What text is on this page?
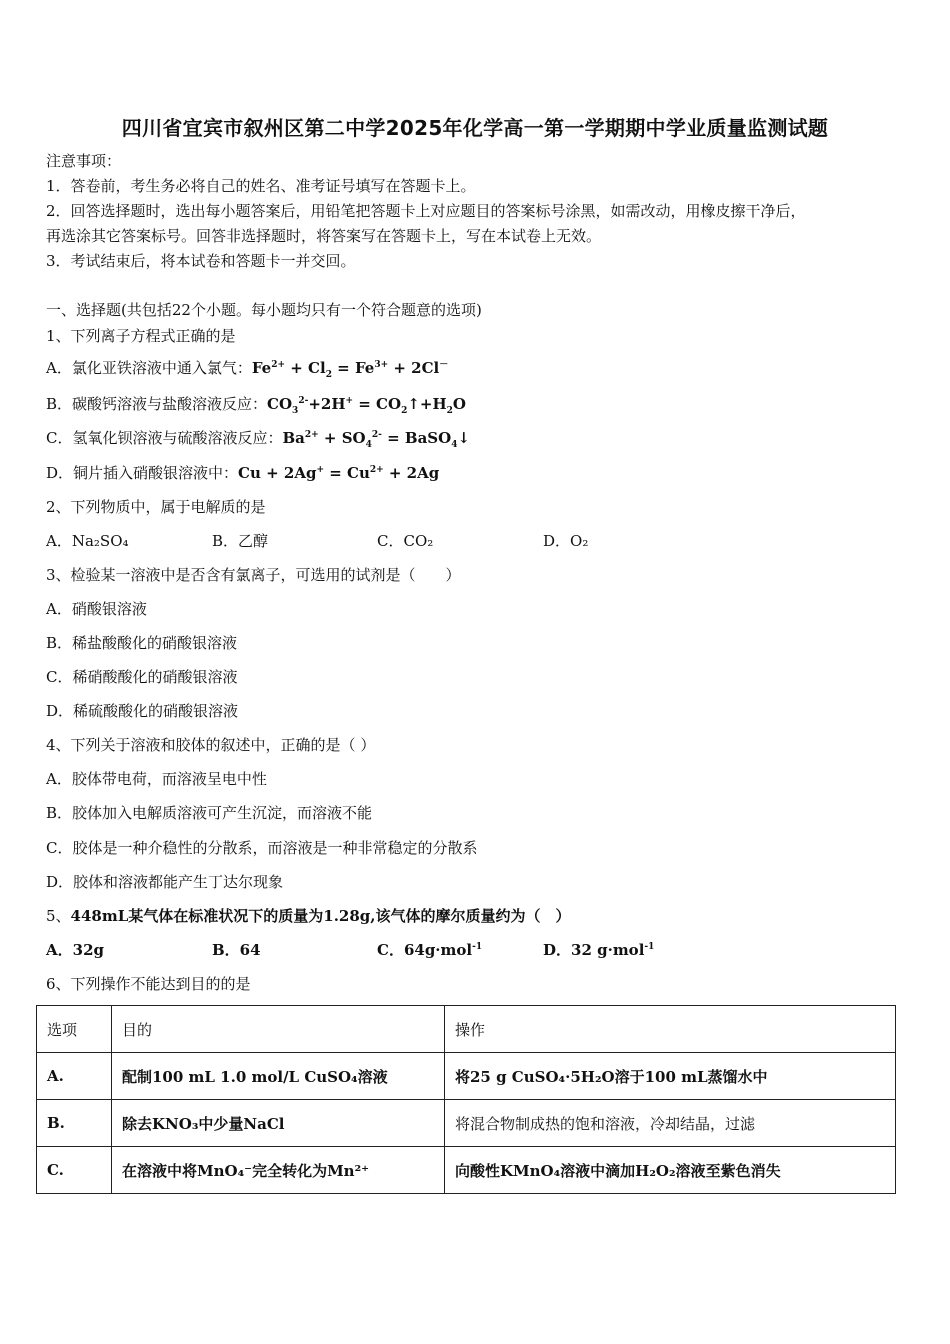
四川省宜宾市叙州区第二中学2025年化学高一第一学期期中学业质量监测试题
注意事项：
1．答卷前，考生务必将自己的姓名、准考证号填写在答题卡上。
2．回答选择题时，选出每小题答案后，用铅笔把答题卡上对应题目的答案标号涂黑，如需改动，用橡皮擦干净后，
再选涂其它答案标号。回答非选择题时，将答案写在答题卡上，写在本试卷上无效。
3．考试结束后，将本试卷和答题卡一并交回。
一、选择题(共包括22个小题。每小题均只有一个符合题意的选项)
1、下列离子方程式正确的是
A．氯化亚铁溶液中通入氯气：$Fe^{2+} + Cl_2 = Fe^{3+} + 2Cl^-$
B．碳酸钙溶液与盐酸溶液反应：$CO_3^{2-}+2H^+$ = $CO_2↑+H_2O$
C．氢氧化钡溶液与硫酸溶液反应：$Ba^{2+} + SO_4^{2-}$ = BaSO$_4$↓
D．铜片插入硝酸银溶液中：$Cu + 2Ag^+ = Cu^{2+} + 2Ag$
2、下列物质中，属于电解质的是
A．Na₂SO₄	B．乙醇	C．CO₂	D．O₂
3、检验某一溶液中是否含有氯离子，可选用的试剂是（　　）
A．硝酸银溶液
B．稀盐酸酸化的硝酸银溶液
C．稀硝酸酸化的硝酸银溶液
D．稀硫酸酸化的硝酸银溶液
4、下列关于溶液和胶体的叙述中，正确的是（ ）
A．胶体带电荷，而溶液呈电中性
B．胶体加入电解质溶液可产生沉淀，而溶液不能
C．胶体是一种介稳性的分散系，而溶液是一种非常稳定的分散系
D．胶体和溶液都能产生丁达尔现象
5、448mL某气体在标准状况下的质量为1.28g,该气体的摩尔质量约为（　）
A．32g	B．64	C．64g·mol$^{-1}$	D．32 g·mol$^{-1}$
6、下列操作不能达到目的的是
选项	目的	操作
A.	配制100 mL 1.0 mol/L CuSO₄溶液	将25 g CuSO₄·5H₂O溶于100 mL蒸馏水中
B.	除去KNO₃中少量NaCl	将混合物制成热的饱和溶液，冷却结晶，过滤
C.	在溶液中将MnO₄⁻完全转化为Mn²⁺	向酸性KMnO₄溶液中滴加H₂O₂溶液至紫色消失
